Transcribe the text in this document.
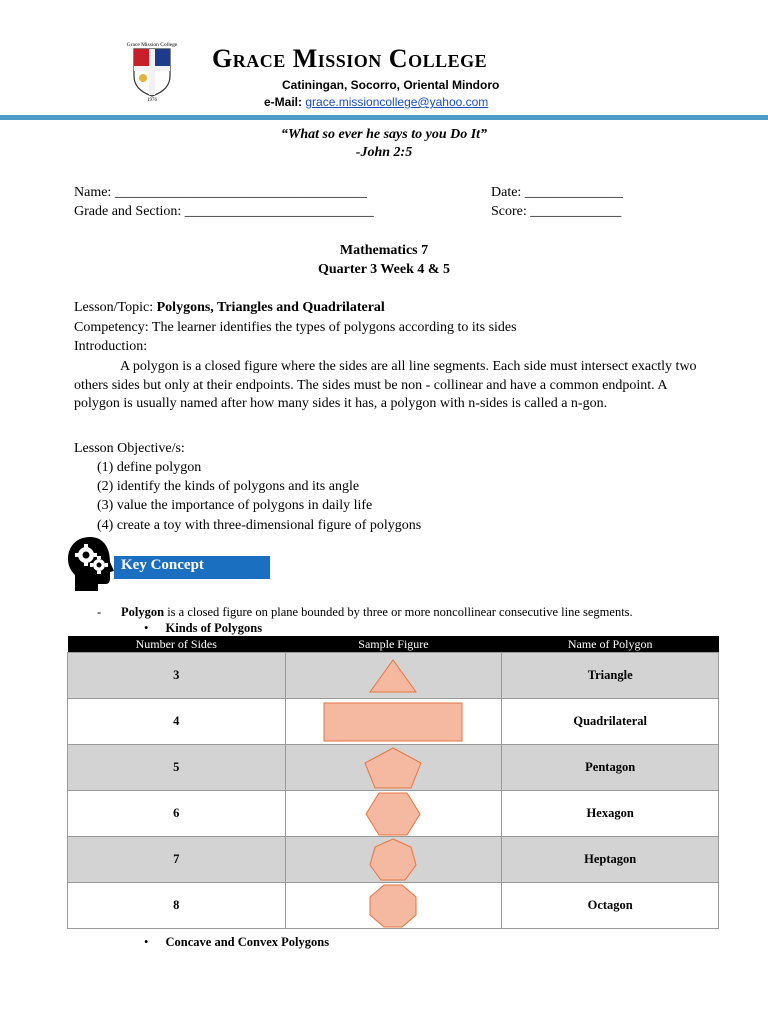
Grace Mission College
1976
Grace Mission College
Catiningan, Socorro, Oriental Mindoro
e-Mail: grace.missioncollege@yahoo.com
“What so ever he says to you Do It”
-John 2:5
Name: ____________________________________	Date: ______________
Grade and Section: ___________________________	Score: _____________
Mathematics 7
Quarter 3 Week 4 & 5
Lesson/Topic: Polygons, Triangles and Quadrilateral
Competency: The learner identifies the types of polygons according to its sides
Introduction:
A polygon is a closed figure where the sides are all line segments. Each side must intersect exactly two others sides but only at their endpoints. The sides must be non - collinear and have a common endpoint. A polygon is usually named after how many sides it has, a polygon with n-sides is called a n-gon.
Lesson Objective/s:
(1) define polygon
(2) identify the kinds of polygons and its angle
(3) value the importance of polygons in daily life
(4) create a toy with three-dimensional figure of polygons
Key Concept
- Polygon is a closed figure on plane bounded by three or more noncollinear consecutive line segments.
• Kinds of Polygons
Number of Sides	Sample Figure	Name of Polygon
3		Triangle
4		Quadrilateral
5		Pentagon
6		Hexagon
7		Heptagon
8		Octagon
• Concave and Convex Polygons
